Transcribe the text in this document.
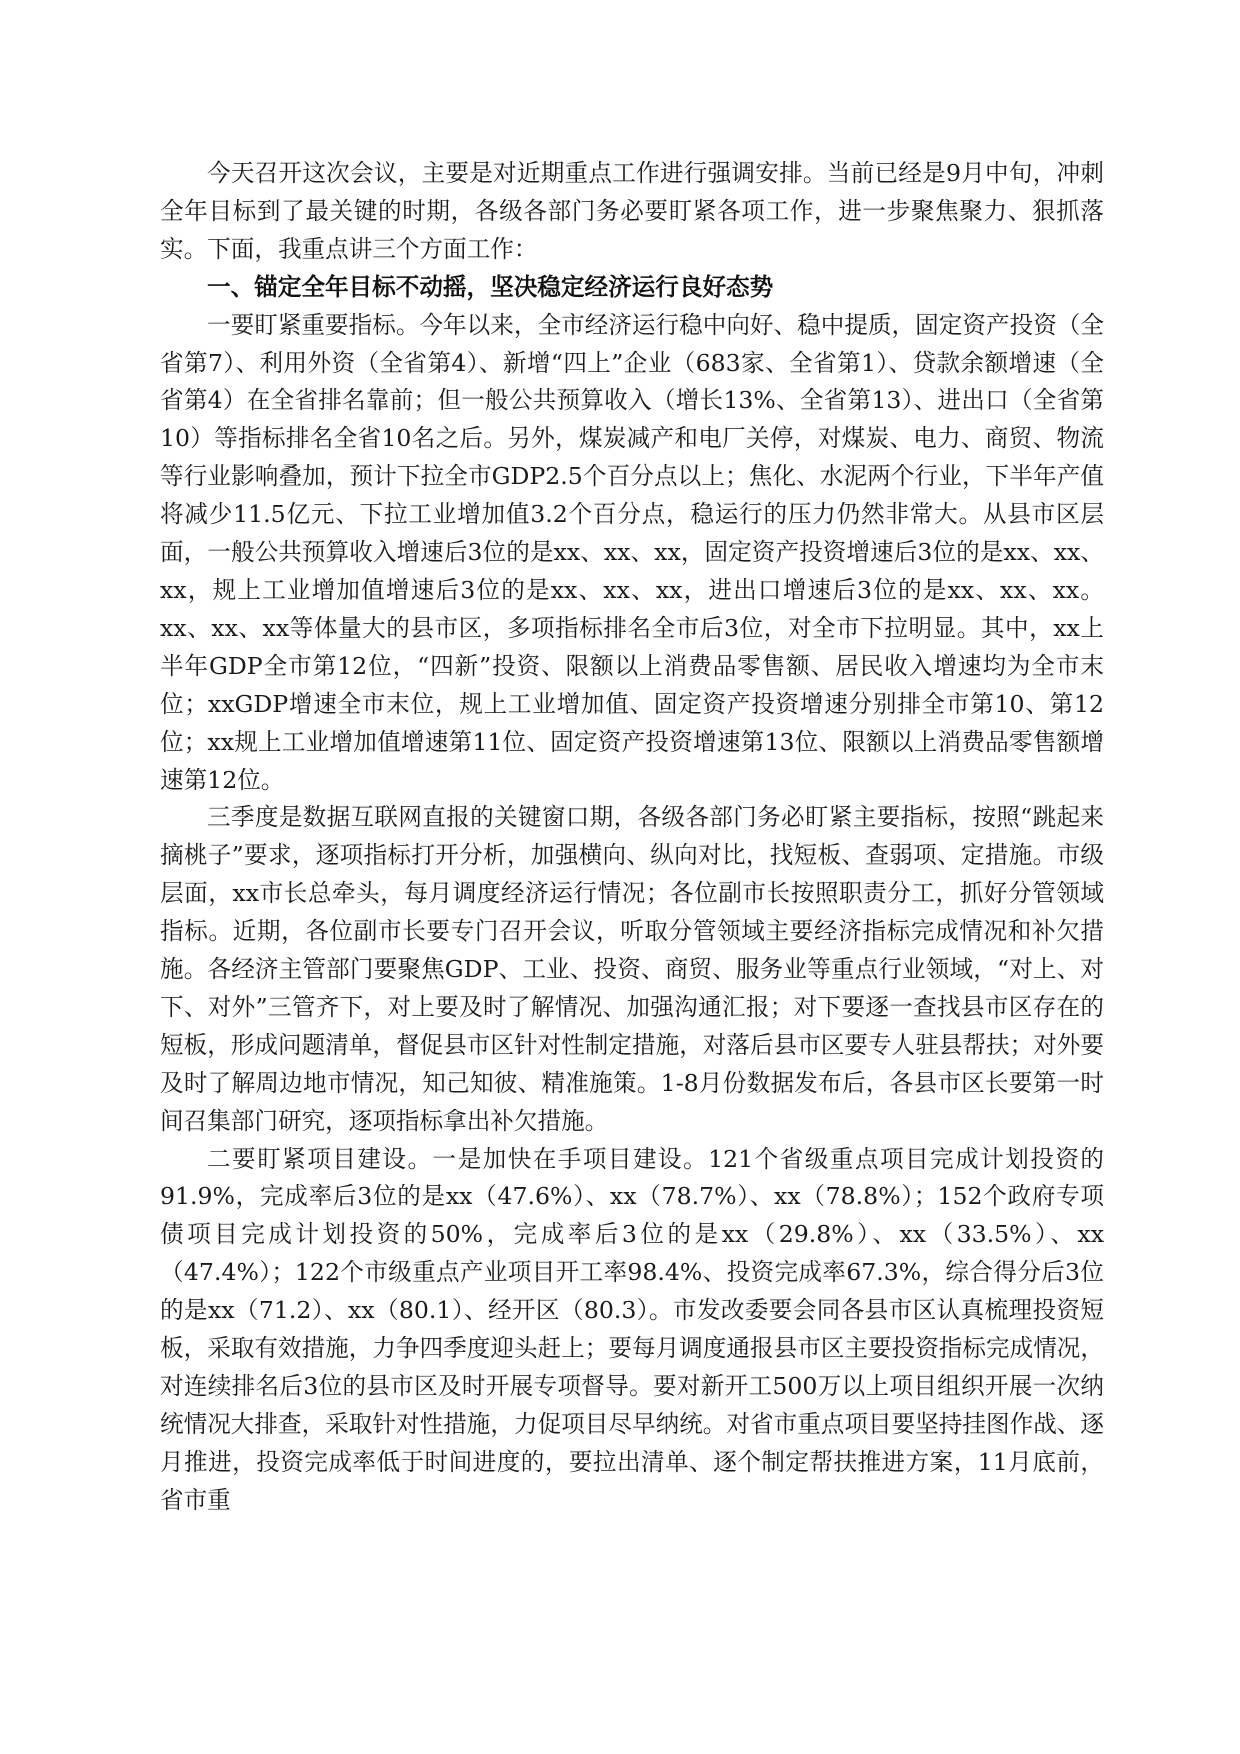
今天召开这次会议，主要是对近期重点工作进行强调安排。当前已经是9月中旬，冲刺全年目标到了最关键的时期，各级各部门务必要盯紧各项工作，进一步聚焦聚力、狠抓落实。下面，我重点讲三个方面工作：

一、锚定全年目标不动摇，坚决稳定经济运行良好态势

一要盯紧重要指标。今年以来，全市经济运行稳中向好、稳中提质，固定资产投资（全省第7）、利用外资（全省第4）、新增“四上”企业（683家、全省第1）、贷款余额增速（全省第4）在全省排名靠前；但一般公共预算收入（增长13%、全省第13）、进出口（全省第10）等指标排名全省10名之后。另外，煤炭减产和电厂关停，对煤炭、电力、商贸、物流等行业影响叠加，预计下拉全市GDP2.5个百分点以上；焦化、水泥两个行业，下半年产值将减少11.5亿元、下拉工业增加值3.2个百分点，稳运行的压力仍然非常大。从县市区层面，一般公共预算收入增速后3位的是xx、xx、xx，固定资产投资增速后3位的是xx、xx、xx，规上工业增加值增速后3位的是xx、xx、xx，进出口增速后3位的是xx、xx、xx。xx、xx、xx等体量大的县市区，多项指标排名全市后3位，对全市下拉明显。其中，xx上半年GDP全市第12位，“四新”投资、限额以上消费品零售额、居民收入增速均为全市末位；xxGDP增速全市末位，规上工业增加值、固定资产投资增速分别排全市第10、第12位；xx规上工业增加值增速第11位、固定资产投资增速第13位、限额以上消费品零售额增速第12位。

三季度是数据互联网直报的关键窗口期，各级各部门务必盯紧主要指标，按照“跳起来摘桃子”要求，逐项指标打开分析，加强横向、纵向对比，找短板、查弱项、定措施。市级层面，xx市长总牵头，每月调度经济运行情况；各位副市长按照职责分工，抓好分管领域指标。近期，各位副市长要专门召开会议，听取分管领域主要经济指标完成情况和补欠措施。各经济主管部门要聚焦GDP、工业、投资、商贸、服务业等重点行业领域，“对上、对下、对外”三管齐下，对上要及时了解情况、加强沟通汇报；对下要逐一查找县市区存在的短板，形成问题清单，督促县市区针对性制定措施，对落后县市区要专人驻县帮扶；对外要及时了解周边地市情况，知己知彼、精准施策。1-8月份数据发布后，各县市区长要第一时间召集部门研究，逐项指标拿出补欠措施。

二要盯紧项目建设。一是加快在手项目建设。121个省级重点项目完成计划投资的91.9%，完成率后3位的是xx（47.6%）、xx（78.7%）、xx（78.8%）；152个政府专项债项目完成计划投资的50%，完成率后3位的是xx（29.8%）、xx（33.5%）、xx（47.4%）；122个市级重点产业项目开工率98.4%、投资完成率67.3%，综合得分后3位的是xx（71.2）、xx（80.1）、经开区（80.3）。市发改委要会同各县市区认真梳理投资短板，采取有效措施，力争四季度迎头赶上；要每月调度通报县市区主要投资指标完成情况，对连续排名后3位的县市区及时开展专项督导。要对新开工500万以上项目组织开展一次纳统情况大排查，采取针对性措施，力促项目尽早纳统。对省市重点项目要坚持挂图作战、逐月推进，投资完成率低于时间进度的，要拉出清单、逐个制定帮扶推进方案，11月底前，省市重
